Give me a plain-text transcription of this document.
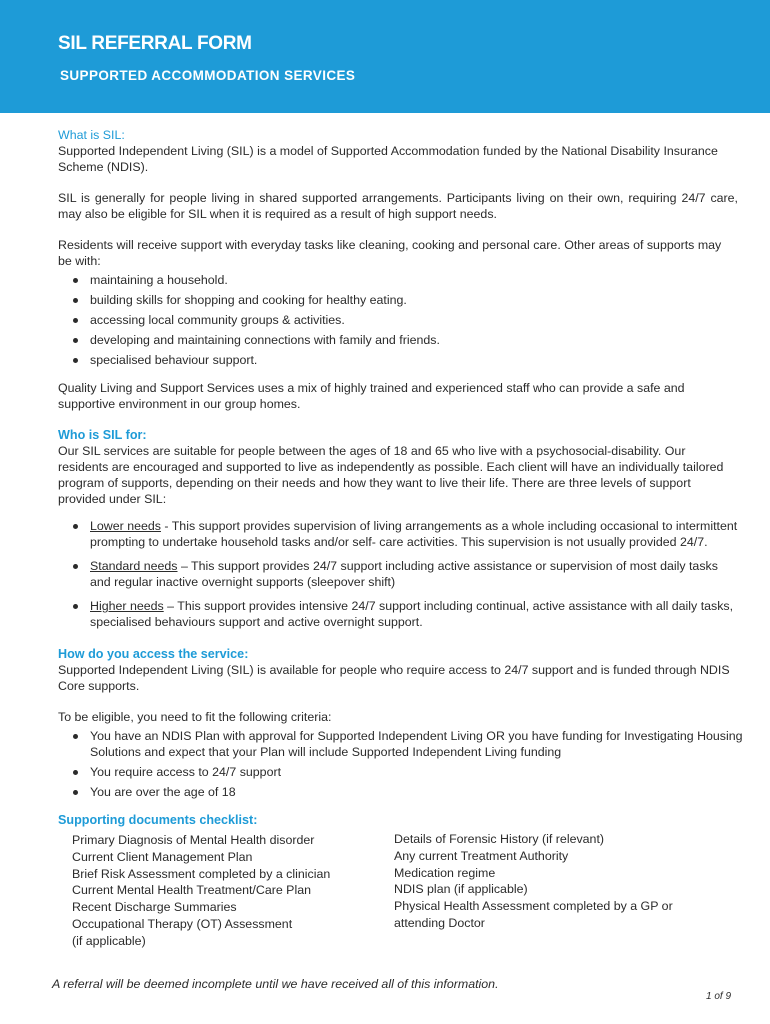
SIL REFERRAL FORM
SUPPORTED ACCOMMODATION SERVICES
What is SIL:

Supported Independent Living (SIL) is a model of Supported Accommodation funded by the National Disability Insurance Scheme (NDIS).

SIL is generally for people living in shared supported arrangements. Participants living on their own, requiring 24/7 care, may also be eligible for SIL when it is required as a result of high support needs.

Residents will receive support with everyday tasks like cleaning, cooking and personal care. Other areas of supports may be with:

maintaining a household.
building skills for shopping and cooking for healthy eating.
accessing local community groups & activities.
developing and maintaining connections with family and friends.
specialised behaviour support.

Quality Living and Support Services uses a mix of highly trained and experienced staff who can provide a safe and supportive environment in our group homes.

Who is SIL for:

Our SIL services are suitable for people between the ages of 18 and 65 who live with a psychosocial-disability. Our residents are encouraged and supported to live as independently as possible. Each client will have an individually tailored program of supports, depending on their needs and how they want to live their life. There are three levels of support provided under SIL:

Lower needs - This support provides supervision of living arrangements as a whole including occasional to intermittent prompting to undertake household tasks and/or self- care activities. This supervision is not usually provided 24/7.
Standard needs – This support provides 24/7 support including active assistance or supervision of most daily tasks and regular inactive overnight supports (sleepover shift)
Higher needs – This support provides intensive 24/7 support including continual, active assistance with all daily tasks, specialised behaviours support and active overnight support.
How do you access the service:

Supported Independent Living (SIL) is available for people who require access to 24/7 support and is funded through NDIS Core supports.

To be eligible, you need to fit the following criteria:

You have an NDIS Plan with approval for Supported Independent Living OR you have funding for Investigating Housing Solutions and expect that your Plan will include Supported Independent Living funding
You require access to 24/7 support
You are over the age of 18
Supporting documents checklist:
Primary Diagnosis of Mental Health disorder
Current Client Management Plan
Brief Risk Assessment completed by a clinician
Current Mental Health Treatment/Care Plan
Recent Discharge Summaries
Occupational Therapy (OT) Assessment
(if applicable)
Details of Forensic History (if relevant)
Any current Treatment Authority
Medication regime
NDIS plan (if applicable)
Physical Health Assessment completed by a GP or
attending Doctor
A referral will be deemed incomplete until we have received all of this information.
1 of 9
